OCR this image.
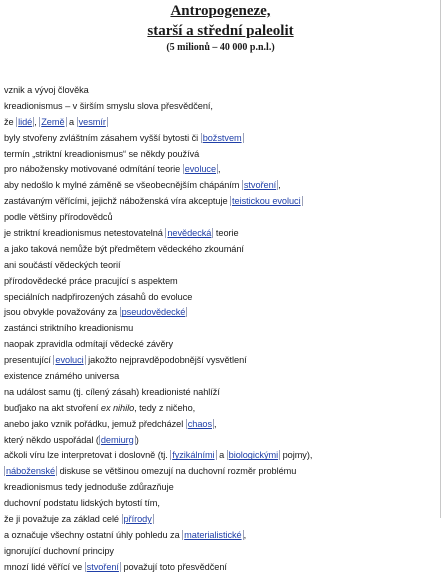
Antropogeneze,
starší a střední paleolit
(5 milionů – 40 000 p.n.l.)
vznik a vývoj člověka
kreadionismus – v širším smyslu slova přesvědčení,
že lidé , Země a vesmír
byly stvořeny zvláštním zásahem vyšší bytosti či božstvem
termín „striktní kreadionismus“ se někdy používá
pro nábožensky motivované odmítání teorie evoluce ,
aby nedošlo k mylné záměně se všeobecnějším chápáním stvoření ,
zastávaným věřícími, jejichž náboženská víra akceptuje teistickou evoluci
podle většiny přírodovědců
je striktní kreadionismus netestovatelná nevědecká teorie
a jako taková nemůže být předmětem vědeckého zkoumání
ani součástí vědeckých teorií
přírodovědecké práce pracující s aspektem
speciálních nadpřirozených zásahů do evoluce
jsou obvykle považovány za pseudovědecké
zastánci striktního kreadionismu
naopak zpravidla odmítají vědecké závěry
presentující evoluci jakožto nejpravděpodobnější vysvětlení
existence známého universa
na událost samu (tj. cílený zásah) kreadionisté nahlíží
buďjako na akt stvoření ex nihilo, tedy z ničeho,
anebo jako vznik pořádku, jemuž předcházel chaos ,
který někdo uspořádal ( demiurg )
ačkoli víru lze interpretovat i doslovně (tj. fyzikálními a biologickými pojmy),
náboženské diskuse se většinou omezují na duchovní rozměr problému
kreadionismus tedy jednoduše zdůrazňuje
duchovní podstatu lidských bytostí tím,
že ji považuje za základ celé přírody
a označuje všechny ostatní úhly pohledu za materialistické ,
ignorující duchovní principy
mnozí lidé věřící ve stvoření považují toto přesvědčení
